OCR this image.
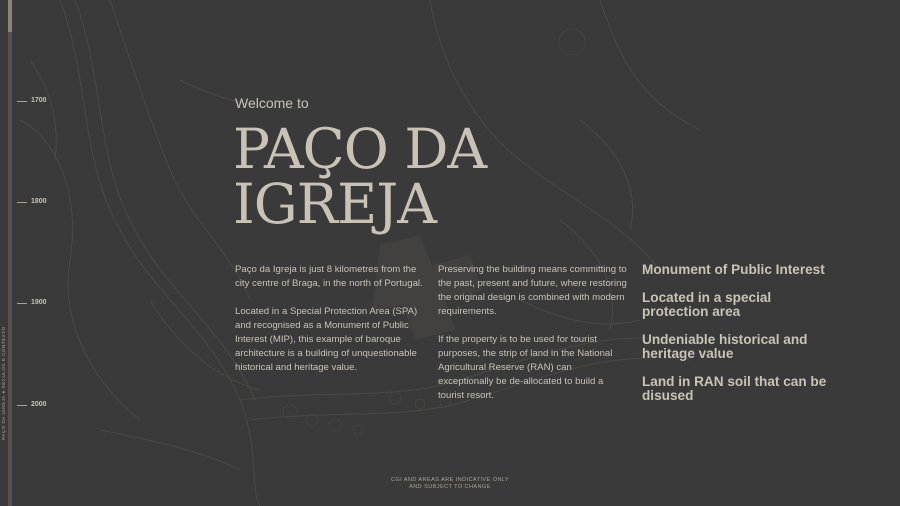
PAÇO DA IGREJA ● SÉCULOS E CONTEXTO
1700
1800
1900
2000
Welcome to
PAÇO DA
IGREJA

Paço da Igreja is just 8 kilometres from the city centre of Braga, in the north of Portugal.

Located in a Special Protection Area (SPA) and recognised as a Monument of Public Interest (MIP), this example of baroque architecture is a building of unquestionable historical and heritage value.

Preserving the building means committing to the past, present and future, where restoring the original design is combined with modern requirements.

If the property is to be used for tourist purposes, the strip of land in the National Agricultural Reserve (RAN) can exceptionally be de-allocated to build a tourist resort.

Monument of Public Interest
Located in a special protection area
Undeniable historical and heritage value
Land in RAN soil that can be disused
CGI AND AREAS ARE INDICATIVE ONLY
AND SUBJECT TO CHANGE
